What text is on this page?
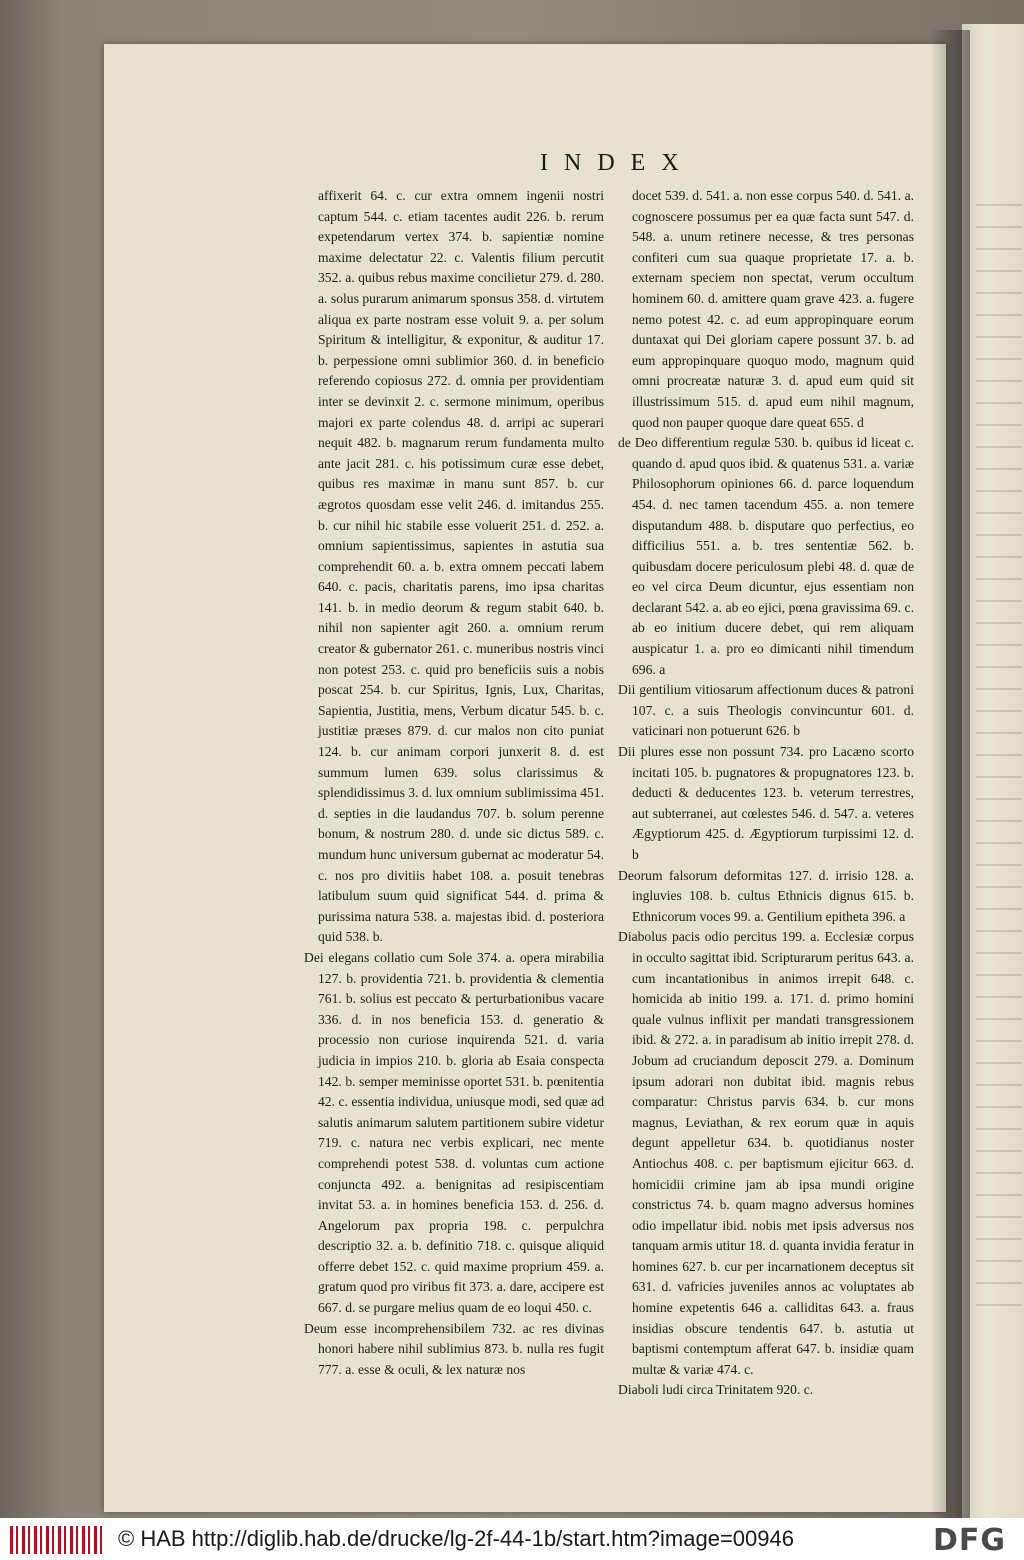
INDEX

affixerit 64. c. cur extra omnem ingenii nostri captum 544. c. etiam tacentes audit 226. b. rerum expetendarum vertex 374. b. sapientiæ nomine maxime delectatur 22. c. Valentis filium percutit 352. a. quibus rebus maxime concilietur 279. d. 280. a. solus purarum animarum sponsus 358. d. virtutem aliqua ex parte nostram esse voluit 9. a. per solum Spiritum & intelligitur, & exponitur, & auditur 17. b. perpessione omni sublimior 360. d. in beneficio referendo copiosus 272. d. omnia per providentiam inter se devinxit 2. c. sermone minimum, operibus majori ex parte colendus 48. d. arripi ac superari nequit 482. b. magnarum rerum fundamenta multo ante jacit 281. c. his potissimum curæ esse debet, quibus res maximæ in manu sunt 857. b. cur ægrotos quosdam esse velit 246. d. imitandus 255. b. cur nihil hic stabile esse voluerit 251. d. 252. a. omnium sapientissimus, sapientes in astutia sua comprehendit 60. a. b. extra omnem peccati labem 640. c. pacis, charitatis parens, imo ipsa charitas 141. b. in medio deorum & regum stabit 640. b. nihil non sapienter agit 260. a. omnium rerum creator & gubernator 261. c. muneribus nostris vinci non potest 253. c. quid pro beneficiis suis a nobis poscat 254. b. cur Spiritus, Ignis, Lux, Charitas, Sapientia, Justitia, mens, Verbum dicatur 545. b. c. justitiæ præses 879. d. cur malos non cito puniat 124. b. cur animam corpori junxerit 8. d. est summum lumen 639. solus clarissimus & splendidissimus 3. d. lux omnium sublimissima 451. d. septies in die laudandus 707. b. solum perenne bonum, & nostrum 280. d. unde sic dictus 589. c. mundum hunc universum gubernat ac moderatur 54. c. nos pro divitiis habet 108. a. posuit tenebras latibulum suum quid significat 544. d. prima & purissima natura 538. a. majestas ibid. d. posteriora quid 538. b.

Dei elegans collatio cum Sole 374. a. opera mirabilia 127. b. providentia 721. b. providentia & clementia 761. b. solius est peccato & perturbationibus vacare 336. d. in nos beneficia 153. d. generatio & processio non curiose inquirenda 521. d. varia judicia in impios 210. b. gloria ab Esaia conspecta 142. b. semper meminisse oportet 531. b. pœnitentia 42. c. essentia individua, uniusque modi, sed quæ ad salutis animarum salutem partitionem subire videtur 719. c. natura nec verbis explicari, nec mente comprehendi potest 538. d. voluntas cum actione conjuncta 492. a. benignitas ad resipiscentiam invitat 53. a. in homines beneficia 153. d. 256. d. Angelorum pax propria 198. c. perpulchra descriptio 32. a. b. definitio 718. c. quisque aliquid offerre debet 152. c. quid maxime proprium 459. a. gratum quod pro viribus fit 373. a. dare, accipere est 667. d. se purgare melius quam de eo loqui 450. c.

Deum esse incomprehensibilem 732. ac res divinas honori habere nihil sublimius 873. b. nulla res fugit 777. a. esse & oculi, & lex naturæ nos

docet 539. d. 541. a. non esse corpus 540. d. 541. a. cognoscere possumus per ea quæ facta sunt 547. d. 548. a. unum retinere necesse, & tres personas confiteri cum sua quaque proprietate 17. a. b. externam speciem non spectat, verum occultum hominem 60. d. amittere quam grave 423. a. fugere nemo potest 42. c. ad eum appropinquare eorum duntaxat qui Dei gloriam capere possunt 37. b. ad eum appropinquare quoquo modo, magnum quid omni procreatæ naturæ 3. d. apud eum quid sit illustrissimum 515. d. apud eum nihil magnum, quod non pauper quoque dare queat 655. d

de Deo differentium regulæ 530. b. quibus id liceat c. quando d. apud quos ibid. & quatenus 531. a. variæ Philosophorum opiniones 66. d. parce loquendum 454. d. nec tamen tacendum 455. a. non temere disputandum 488. b. disputare quo perfectius, eo difficilius 551. a. b. tres sententiæ 562. b. quibusdam docere periculosum plebi 48. d. quæ de eo vel circa Deum dicuntur, ejus essentiam non declarant 542. a. ab eo ejici, pœna gravissima 69. c. ab eo initium ducere debet, qui rem aliquam auspicatur 1. a. pro eo dimicanti nihil timendum 696. a

Dii gentilium vitiosarum affectionum duces & patroni 107. c. a suis Theologis convincuntur 601. d. vaticinari non potuerunt 626. b

Dii plures esse non possunt 734. pro Lacæno scorto incitati 105. b. pugnatores & propugnatores 123. b. deducti & deducentes 123. b. veterum terrestres, aut subterranei, aut cœlestes 546. d. 547. a. veteres Ægyptiorum 425. d. Ægyptiorum turpissimi 12. d. b

Deorum falsorum deformitas 127. d. irrisio 128. a. ingluvies 108. b. cultus Ethnicis dignus 615. b. Ethnicorum voces 99. a. Gentilium epitheta 396. a

Diabolus pacis odio percitus 199. a. Ecclesiæ corpus in occulto sagittat ibid. Scripturarum peritus 643. a. cum incantationibus in animos irrepit 648. c. homicida ab initio 199. a. 171. d. primo homini quale vulnus inflixit per mandati transgressionem ibid. & 272. a. in paradisum ab initio irrepit 278. d. Jobum ad cruciandum deposcit 279. a. Dominum ipsum adorari non dubitat ibid. magnis rebus comparatur: Christus parvis 634. b. cur mons magnus, Leviathan, & rex eorum quæ in aquis degunt appelletur 634. b. quotidianus noster Antiochus 408. c. per baptismum ejicitur 663. d. homicidii crimine jam ab ipsa mundi origine constrictus 74. b. quam magno adversus homines odio impellatur ibid. nobis met ipsis adversus nos tanquam armis utitur 18. d. quanta invidia feratur in homines 627. b. cur per incarnationem deceptus sit 631. d. vafricies juveniles annos ac voluptates ab homine expetentis 646 a. calliditas 643. a. fraus insidias obscure tendentis 647. b. astutia ut baptismi contemptum afferat 647. b. insidiæ quam multæ & variæ 474. c.

Diaboli ludi circa Trinitatem 920. c.

© HAB http://diglib.hab.de/drucke/lg-2f-44-1b/start.htm?image=00946	DFG
